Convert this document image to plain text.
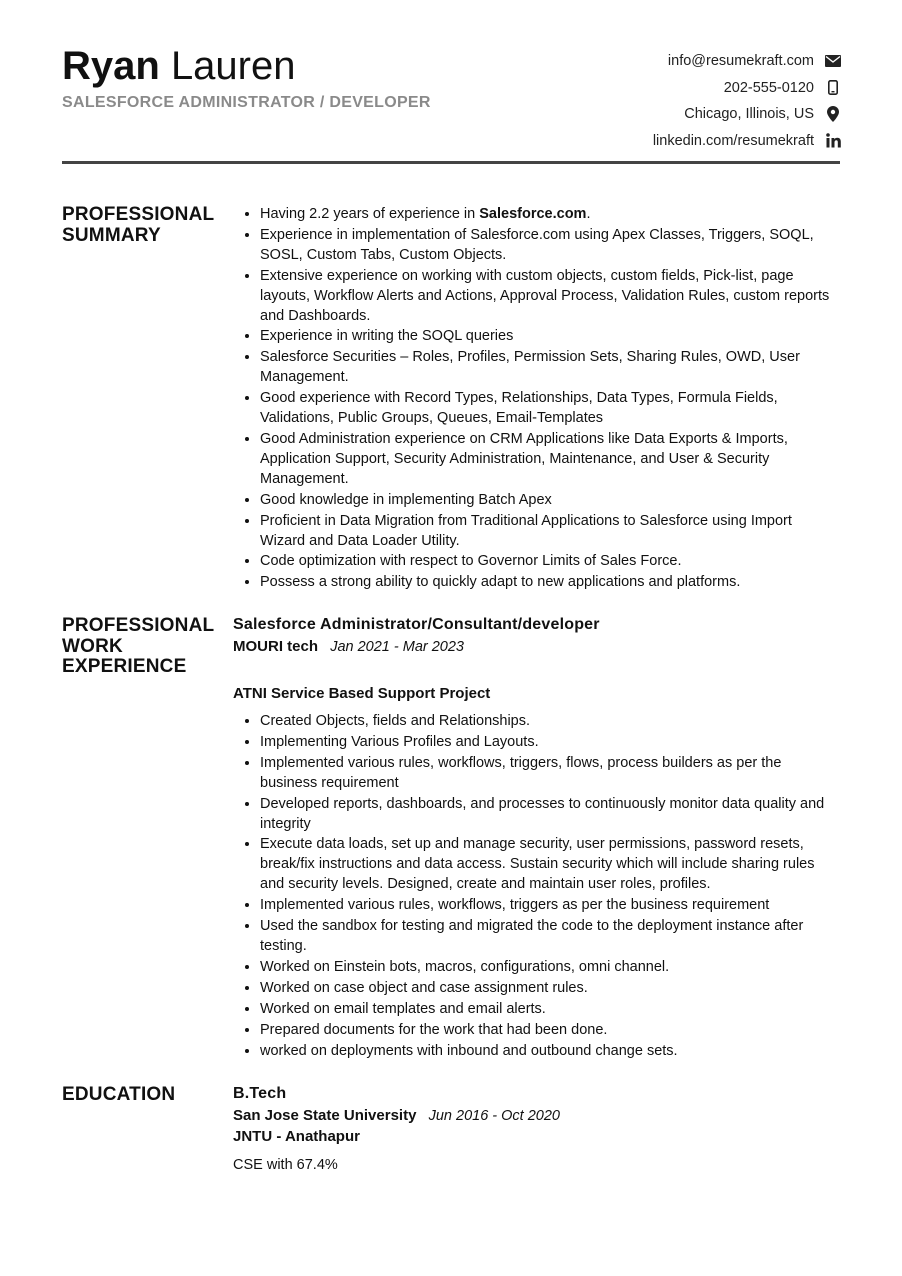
Ryan Lauren
SALESFORCE ADMINISTRATOR / DEVELOPER
info@resumekraft.com
202-555-0120
Chicago, Illinois, US
linkedin.com/resumekraft
PROFESSIONAL
SUMMARY
• Having 2.2 years of experience in Salesforce.com.
• Experience in implementation of Salesforce.com using Apex Classes, Triggers, SOQL, SOSL, Custom Tabs, Custom Objects.
• Extensive experience on working with custom objects, custom fields, Pick-list, page layouts, Workflow Alerts and Actions, Approval Process, Validation Rules, custom reports and Dashboards.
• Experience in writing the SOQL queries
• Salesforce Securities – Roles, Profiles, Permission Sets, Sharing Rules, OWD, User Management.
• Good experience with Record Types, Relationships, Data Types, Formula Fields, Validations, Public Groups, Queues, Email-Templates
• Good Administration experience on CRM Applications like Data Exports & Imports, Application Support, Security Administration, Maintenance, and User & Security Management.
• Good knowledge in implementing Batch Apex
• Proficient in Data Migration from Traditional Applications to Salesforce using Import Wizard and Data Loader Utility.
• Code optimization with respect to Governor Limits of Sales Force.
• Possess a strong ability to quickly adapt to new applications and platforms.
PROFESSIONAL
WORK
EXPERIENCE
Salesforce Administrator/Consultant/developer
MOURI tech Jan 2021 - Mar 2023
ATNI Service Based Support Project
• Created Objects, fields and Relationships.
• Implementing Various Profiles and Layouts.
• Implemented various rules, workflows, triggers, flows, process builders as per the business requirement
• Developed reports, dashboards, and processes to continuously monitor data quality and integrity
• Execute data loads, set up and manage security, user permissions, password resets, break/fix instructions and data access. Sustain security which will include sharing rules and security levels. Designed, create and maintain user roles, profiles.
• Implemented various rules, workflows, triggers as per the business requirement
• Used the sandbox for testing and migrated the code to the deployment instance after testing.
• Worked on Einstein bots, macros, configurations, omni channel.
• Worked on case object and case assignment rules.
• Worked on email templates and email alerts.
• Prepared documents for the work that had been done.
• worked on deployments with inbound and outbound change sets.
EDUCATION	B.Tech
San Jose State University Jun 2016 - Oct 2020
JNTU - Anathapur
CSE with 67.4%
